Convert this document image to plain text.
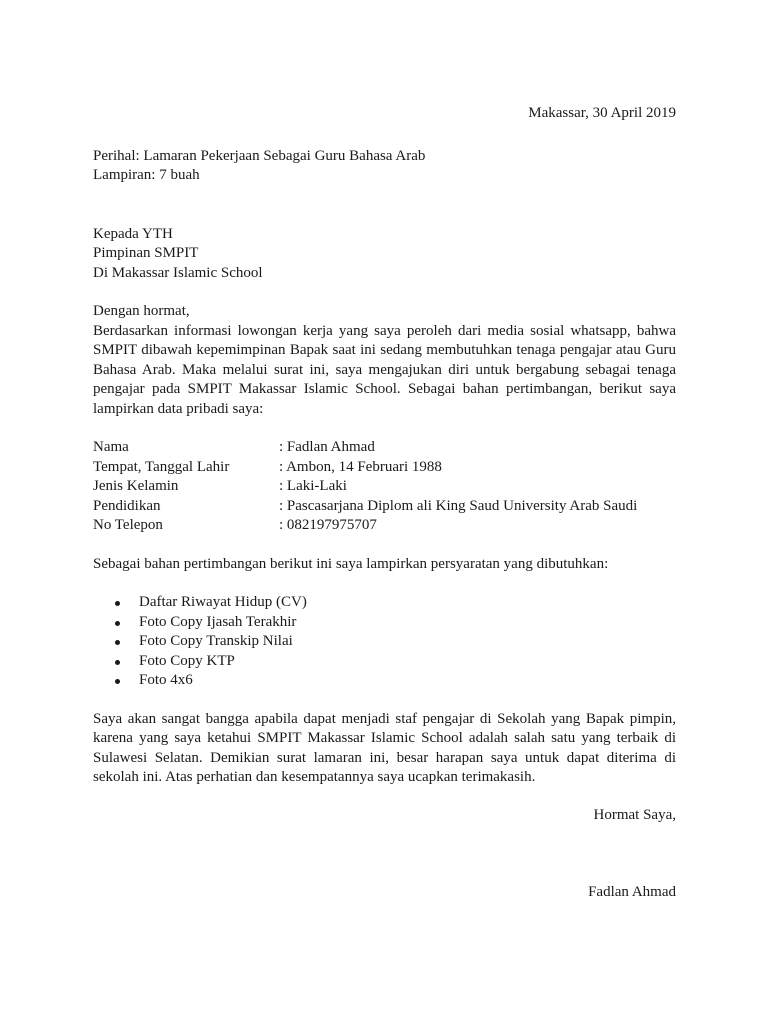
Makassar, 30 April 2019

Perihal: Lamaran Pekerjaan Sebagai Guru Bahasa Arab

Lampiran: 7 buah

Kepada YTH

Pimpinan SMPIT

Di Makassar Islamic School

Dengan hormat,

Berdasarkan informasi lowongan kerja yang saya peroleh dari media sosial whatsapp, bahwa SMPIT dibawah kepemimpinan Bapak saat ini sedang membutuhkan tenaga pengajar atau Guru Bahasa Arab. Maka melalui surat ini, saya mengajukan diri untuk bergabung sebagai tenaga pengajar pada SMPIT Makassar Islamic School. Sebagai bahan pertimbangan, berikut saya lampirkan data pribadi saya:

Nama	: Fadlan Ahmad
Tempat, Tanggal Lahir	: Ambon, 14 Februari 1988
Jenis Kelamin	: Laki-Laki
Pendidikan	: Pascasarjana Diplom ali King Saud University Arab Saudi
No Telepon	: 082197975707

Sebagai bahan pertimbangan berikut ini saya lampirkan persyaratan yang dibutuhkan:

Daftar Riwayat Hidup (CV)
Foto Copy Ijasah Terakhir
Foto Copy Transkip Nilai
Foto Copy KTP
Foto 4x6

Saya akan sangat bangga apabila dapat menjadi staf pengajar di Sekolah yang Bapak pimpin, karena yang saya ketahui SMPIT Makassar Islamic School adalah salah satu yang terbaik di Sulawesi Selatan. Demikian surat lamaran ini, besar harapan saya untuk dapat diterima di sekolah ini. Atas perhatian dan kesempatannya saya ucapkan terimakasih.

Hormat Saya,

Fadlan Ahmad
